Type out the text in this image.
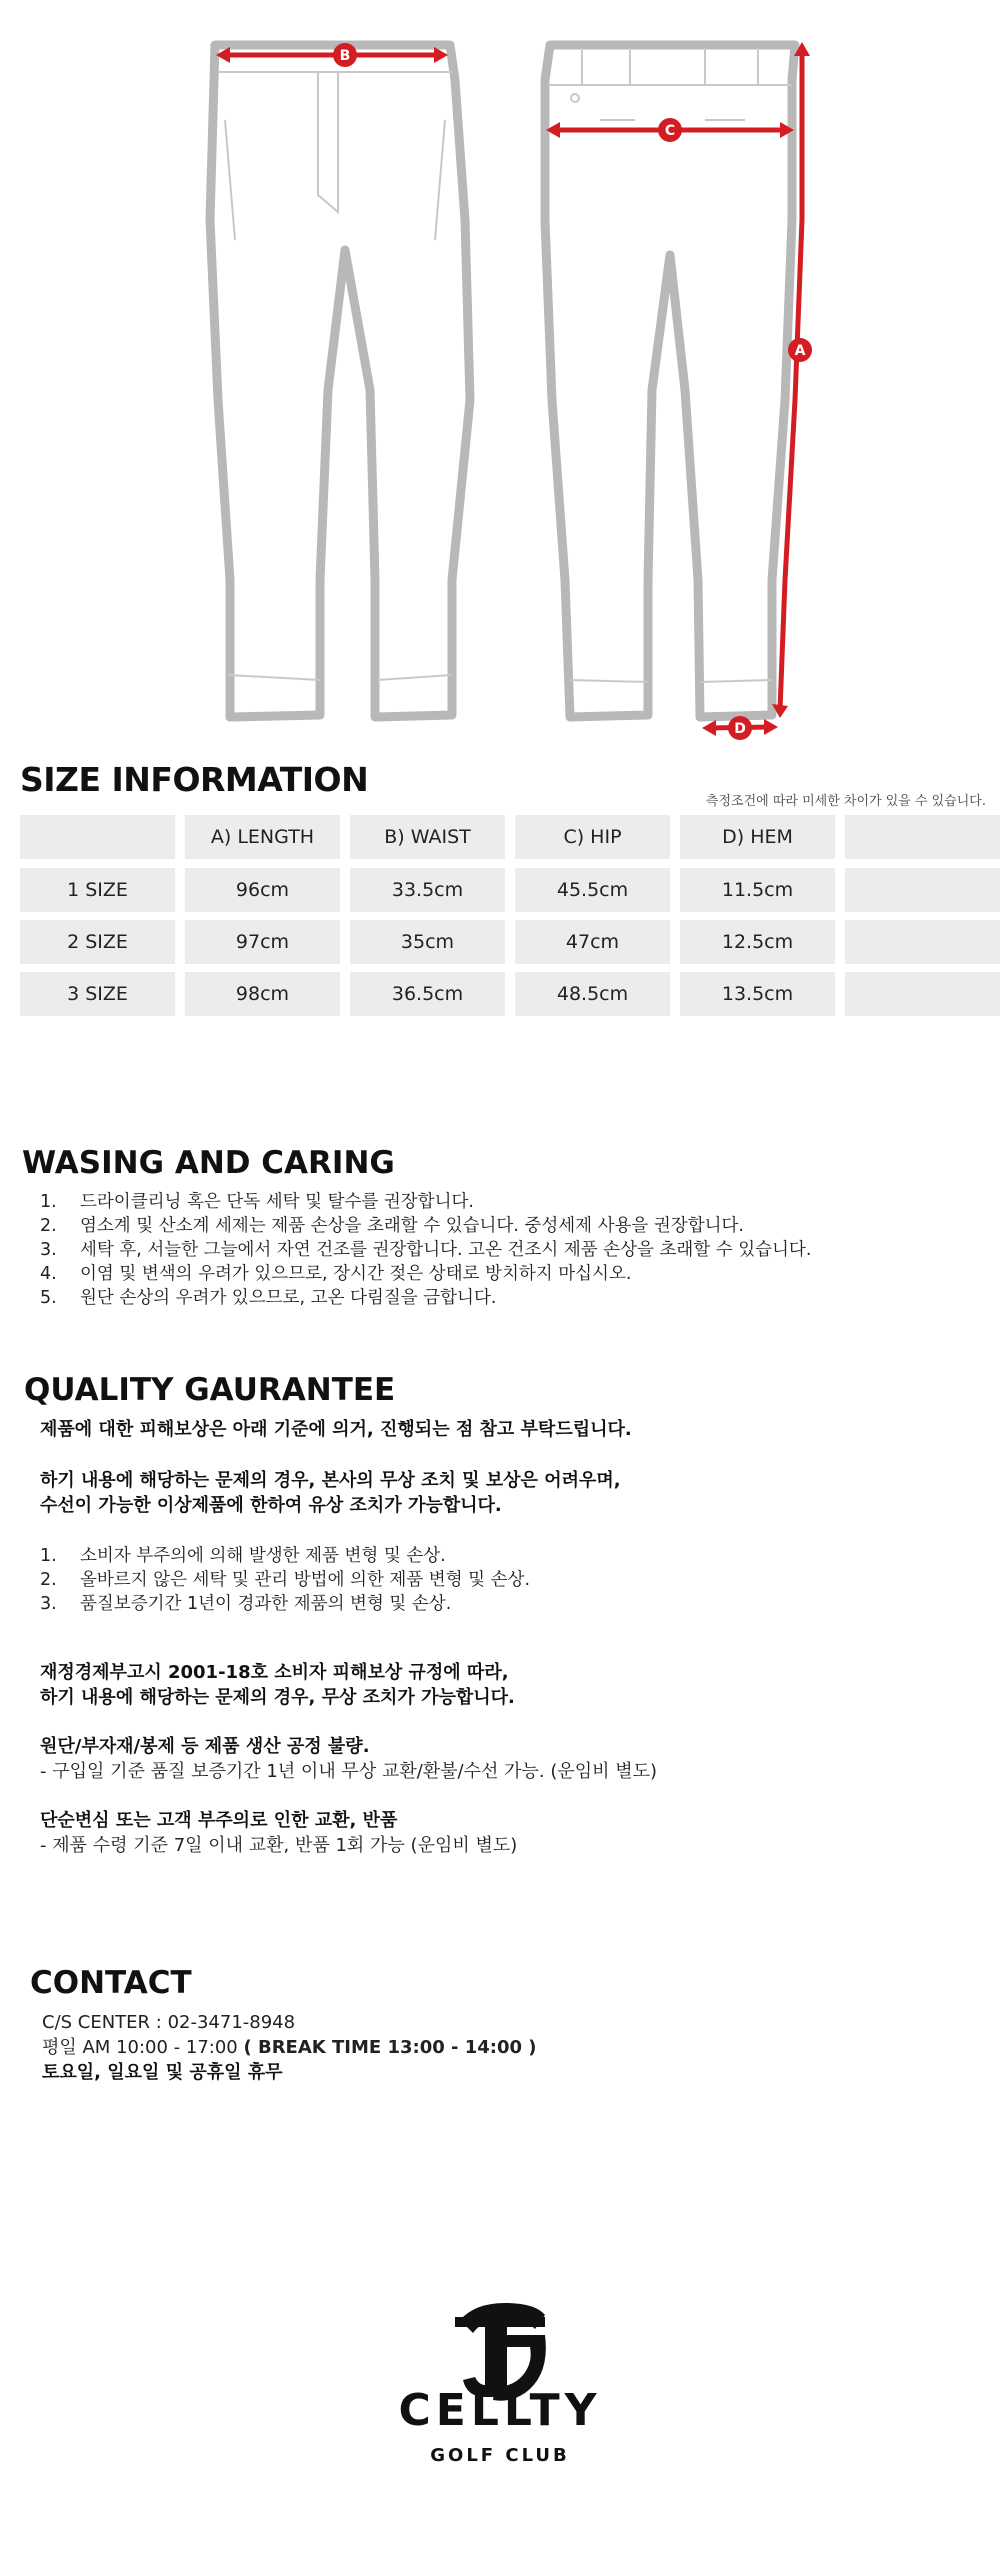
B
C
A
D
SIZE INFORMATION
측정조건에 따라 미세한 차이가 있을 수 있습니다.
A) LENGTH	B) WAIST	C) HIP	D) HEM
1 SIZE	96cm	33.5cm	45.5cm	11.5cm
2 SIZE	97cm	35cm	47cm	12.5cm
3 SIZE	98cm	36.5cm	48.5cm	13.5cm
WASING AND CARING
1. 드라이클리닝 혹은 단독 세탁 및 탈수를 권장합니다.
2. 염소계 및 산소계 세제는 제품 손상을 초래할 수 있습니다. 중성세제 사용을 권장합니다.
3. 세탁 후, 서늘한 그늘에서 자연 건조를 권장합니다. 고온 건조시 제품 손상을 초래할 수 있습니다.
4. 이염 및 변색의 우려가 있으므로, 장시간 젖은 상태로 방치하지 마십시오.
5. 원단 손상의 우려가 있으므로, 고온 다림질을 금합니다.
QUALITY GAURANTEE
제품에 대한 피해보상은 아래 기준에 의거, 진행되는 점 참고 부탁드립니다.
하기 내용에 해당하는 문제의 경우, 본사의 무상 조치 및 보상은 어려우며,
수선이 가능한 이상제품에 한하여 유상 조치가 가능합니다.
1. 소비자 부주의에 의해 발생한 제품 변형 및 손상.
2. 올바르지 않은 세탁 및 관리 방법에 의한 제품 변형 및 손상.
3. 품질보증기간 1년이 경과한 제품의 변형 및 손상.
재정경제부고시 2001-18호 소비자 피해보상 규정에 따라,
하기 내용에 해당하는 문제의 경우, 무상 조치가 가능합니다.
원단/부자재/봉제 등 제품 생산 공정 불량.
- 구입일 기준 품질 보증기간 1년 이내 무상 교환/환불/수선 가능. (운임비 별도)
단순변심 또는 고객 부주의로 인한 교환, 반품
- 제품 수령 기준 7일 이내 교환, 반품 1회 가능 (운임비 별도)
CONTACT
C/S CENTER : 02-3471-8948
평일 AM 10:00 - 17:00 ( BREAK TIME 13:00 - 14:00 )
토요일, 일요일 및 공휴일 휴무
CELLTY
GOLF CLUB
